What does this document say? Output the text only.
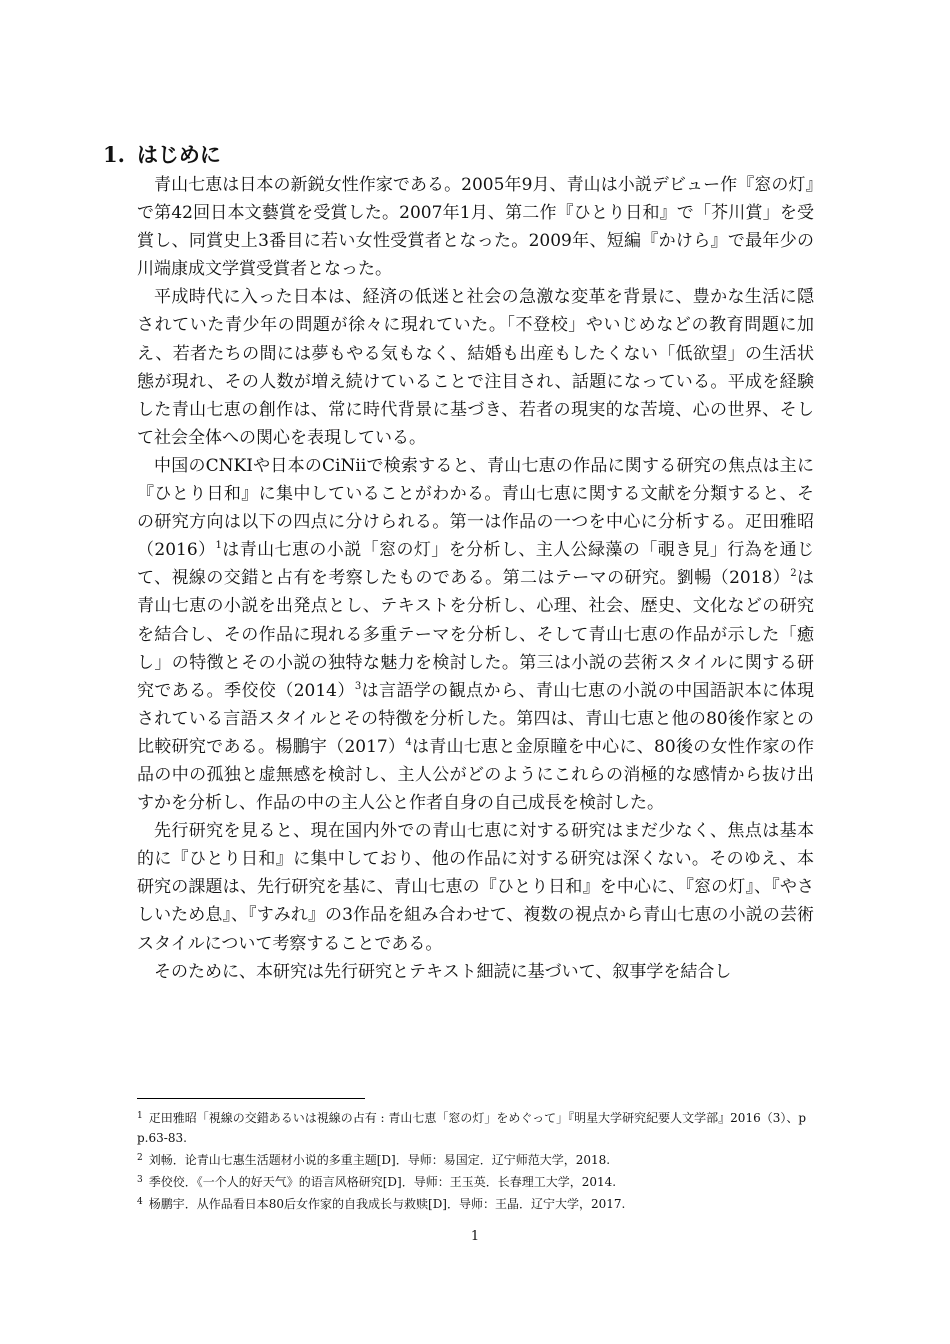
1. はじめに

青山七恵は日本の新鋭女性作家である。2005年9月、青山は小説デビュー作『窓の灯』で第42回日本文藝賞を受賞した。2007年1月、第二作『ひとり日和』で「芥川賞」を受賞し、同賞史上3番目に若い女性受賞者となった。2009年、短編『かけら』で最年少の川端康成文学賞受賞者となった。

平成時代に入った日本は、経済の低迷と社会の急激な変革を背景に、豊かな生活に隠されていた青少年の問題が徐々に現れていた。「不登校」やいじめなどの教育問題に加え、若者たちの間には夢もやる気もなく、結婚も出産もしたくない「低欲望」の生活状態が現れ、その人数が増え続けていることで注目され、話題になっている。平成を経験した青山七恵の創作は、常に時代背景に基づき、若者の現実的な苦境、心の世界、そして社会全体への関心を表現している。

中国のCNKIや日本のCiNiiで検索すると、青山七恵の作品に関する研究の焦点は主に『ひとり日和』に集中していることがわかる。青山七恵に関する文献を分類すると、その研究方向は以下の四点に分けられる。第一は作品の一つを中心に分析する。疋田雅昭$(2016)^1$は青山七恵の小説「窓の灯」を分析し、主人公緑藻の「覗き見」行為を通じて、視線の交錯と占有を考察したものである。第二はテーマの研究。劉暢$(2018)^2$は青山七恵の小説を出発点とし、テキストを分析し、心理、社会、歴史、文化などの研究を結合し、その作品に現れる多重テーマを分析し、そして青山七恵の作品が示した「癒し」の特徴とその小説の独特な魅力を検討した。第三は小説の芸術スタイルに関する研究である。季佼佼$(2014)^3$は言語学の観点から、青山七恵の小説の中国語訳本に体現されている言語スタイルとその特徴を分析した。第四は、青山七恵と他の80後作家との比較研究である。楊鵬宇$(2017)^4$は青山七恵と金原瞳を中心に、80後の女性作家の作品の中の孤独と虚無感を検討し、主人公がどのようにこれらの消極的な感情から抜け出すかを分析し、作品の中の主人公と作者自身の自己成長を検討した。

先行研究を見ると、現在国内外での青山七恵に対する研究はまだ少なく、焦点は基本的に『ひとり日和』に集中しており、他の作品に対する研究は深くない。そのゆえ、本研究の課題は、先行研究を基に、青山七恵の『ひとり日和』を中心に、『窓の灯』、『やさしいため息』、『すみれ』の3作品を組み合わせて、複数の視点から青山七恵の小説の芸術スタイルについて考察することである。

そのために、本研究は先行研究とテキスト細読に基づいて、叙事学を結合し

$^1$ 疋田雅昭「視線の交錯あるいは視線の占有 : 青山七恵「窓の灯」をめぐって」『明星大学研究紀要人文学部』2016（3）、pp.63-83.

$^2$ 刘畅．论青山七惠生活题材小说的多重主题[D]．导师：易国定．辽宁师范大学，2018.

$^3$ 季佼佼．《一个人的好天气》的语言风格研究[D]．导师：王玉英．长春理工大学，2014.

$^4$ 杨鹏宇．从作品看日本80后女作家的自我成长与救赎[D]．导师：王晶．辽宁大学，2017.

1
